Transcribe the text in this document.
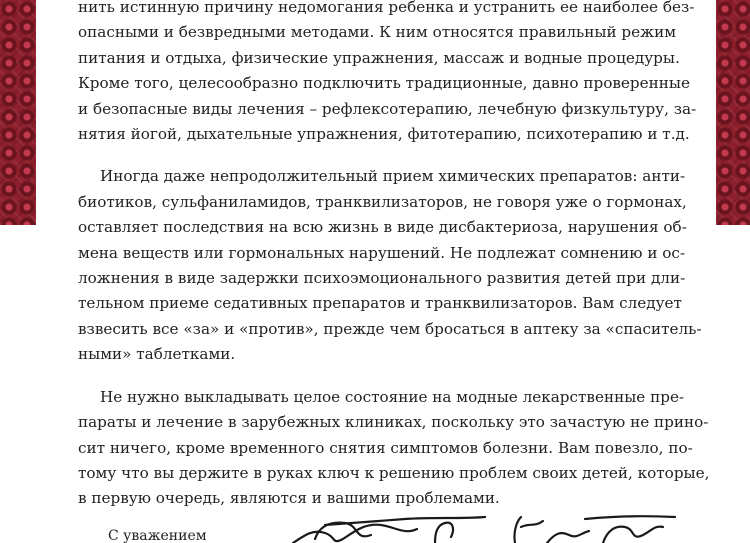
нить истинную причину недомогания ребенка и устранить ее наиболее без-
опасными и безвредными методами. К ним относятся правильный режим
питания и отдыха, физические упражнения, массаж и водные процедуры.
Кроме того, целесообразно подключить традиционные, давно проверенные
и безопасные виды лечения – рефлексотерапию, лечебную физкультуру, за-
нятия йогой, дыхательные упражнения, фитотерапию, психотерапию и т.д.

Иногда даже непродолжительный прием химических препаратов: анти-
биотиков, сульфаниламидов, транквилизаторов, не говоря уже о гормонах,
оставляет последствия на всю жизнь в виде дисбактериоза, нарушения об-
мена веществ или гормональных нарушений. Не подлежат сомнению и ос-
ложнения в виде задержки психоэмоционального развития детей при дли-
тельном приеме седативных препаратов и транквилизаторов. Вам следует
взвесить все «за» и «против», прежде чем бросаться в аптеку за «спаситель-
ными» таблетками.

Не нужно выкладывать целое состояние на модные лекарственные пре-
параты и лечение в зарубежных клиниках, поскольку это зачастую не прино-
сит ничего, кроме временного снятия симптомов болезни. Вам повезло, по-
тому что вы держите в руках ключ к решению проблем своих детей, которые,
в первую очередь, являются и вашими проблемами.

С уважением
